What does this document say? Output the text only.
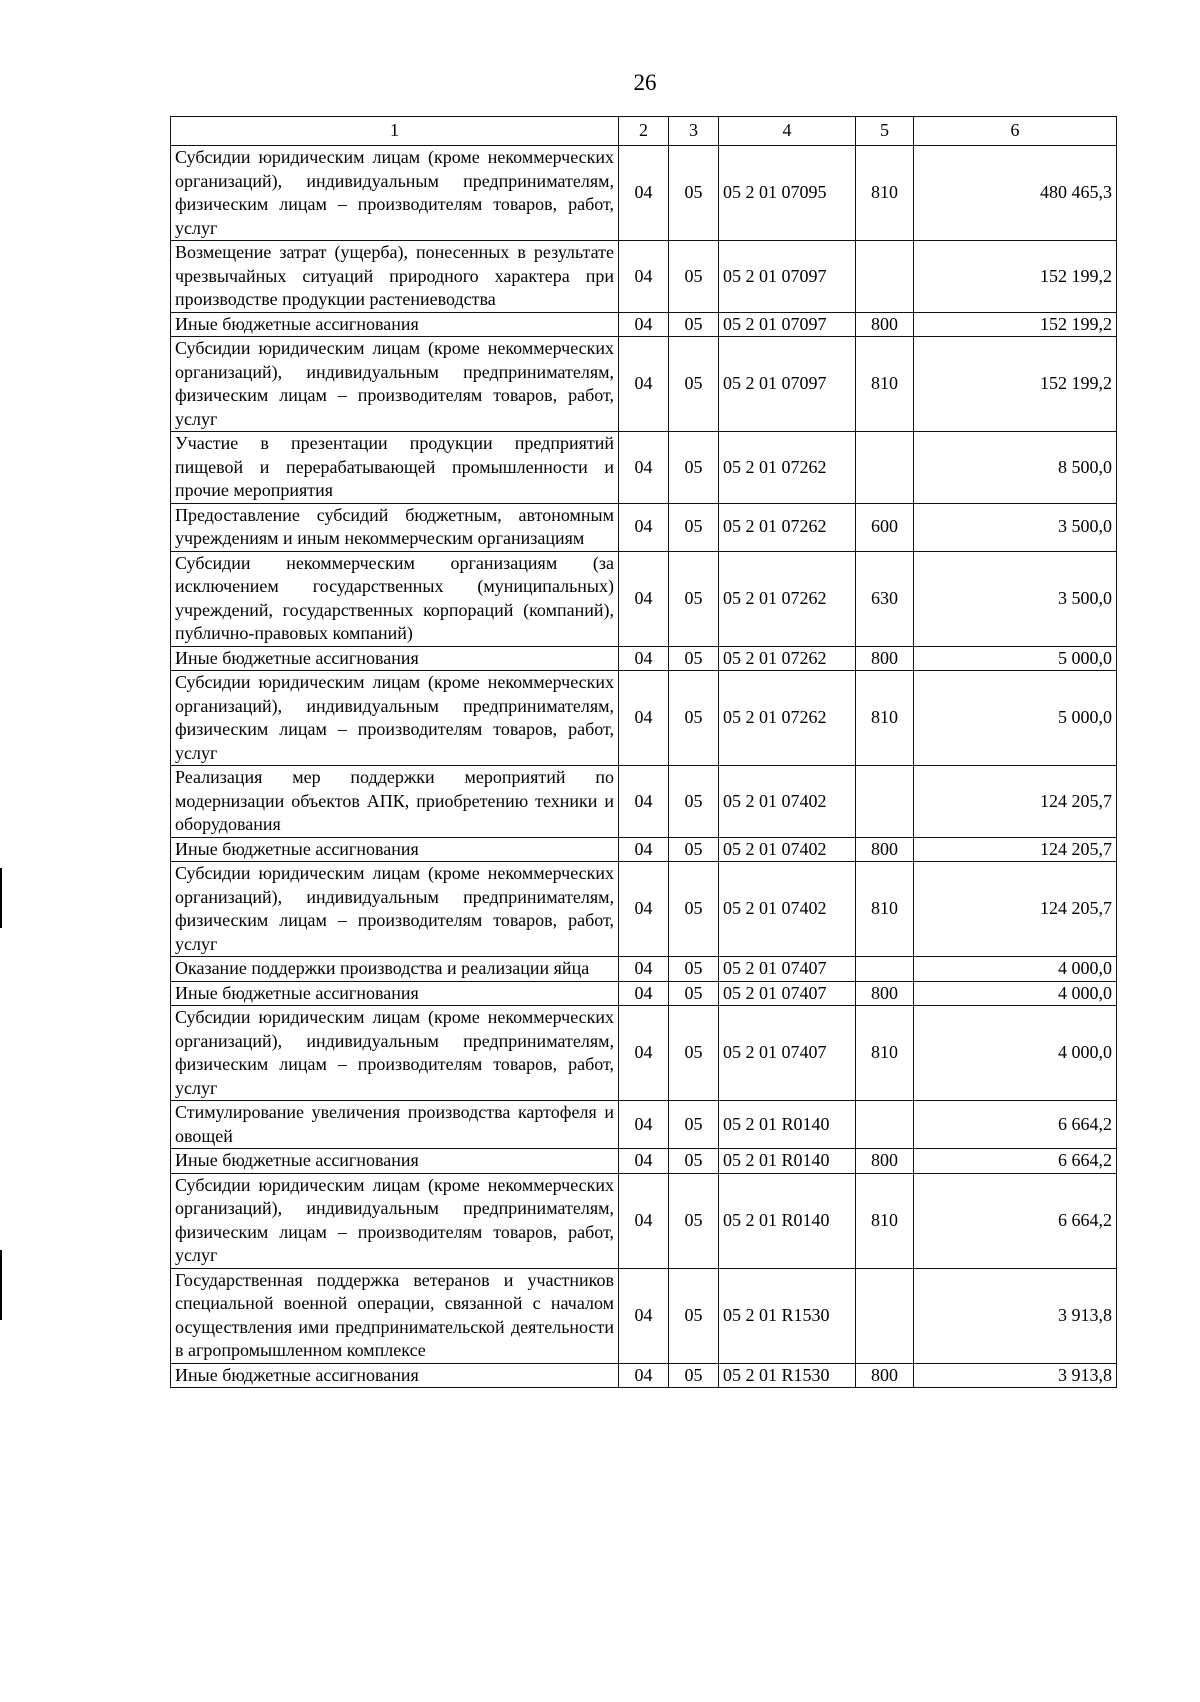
26
1	2	3	4	5	6
Субсидии юридическим лицам (кроме некоммерческих организаций), индивидуальным предпринимателям, физическим лицам – производителям товаров, работ, услуг	04	05	05 2 01 07095	810	480 465,3
Возмещение затрат (ущерба), понесенных в результате чрезвычайных ситуаций природного характера при производстве продукции растениеводства	04	05	05 2 01 07097		152 199,2
Иные бюджетные ассигнования	04	05	05 2 01 07097	800	152 199,2
Субсидии юридическим лицам (кроме некоммерческих организаций), индивидуальным предпринимателям, физическим лицам – производителям товаров, работ, услуг	04	05	05 2 01 07097	810	152 199,2
Участие в презентации продукции предприятий пищевой и перерабатывающей промышленности и прочие мероприятия	04	05	05 2 01 07262		8 500,0
Предоставление субсидий бюджетным, автономным учреждениям и иным некоммерческим организациям	04	05	05 2 01 07262	600	3 500,0
Субсидии некоммерческим организациям (за исключением государственных (муниципальных) учреждений, государственных корпораций (компаний), публично-правовых компаний)	04	05	05 2 01 07262	630	3 500,0
Иные бюджетные ассигнования	04	05	05 2 01 07262	800	5 000,0
Субсидии юридическим лицам (кроме некоммерческих организаций), индивидуальным предпринимателям, физическим лицам – производителям товаров, работ, услуг	04	05	05 2 01 07262	810	5 000,0
Реализация мер поддержки мероприятий по модернизации объектов АПК, приобретению техники и оборудования	04	05	05 2 01 07402		124 205,7
Иные бюджетные ассигнования	04	05	05 2 01 07402	800	124 205,7
Субсидии юридическим лицам (кроме некоммерческих организаций), индивидуальным предпринимателям, физическим лицам – производителям товаров, работ, услуг	04	05	05 2 01 07402	810	124 205,7
Оказание поддержки производства и реализации яйца	04	05	05 2 01 07407		4 000,0
Иные бюджетные ассигнования	04	05	05 2 01 07407	800	4 000,0
Субсидии юридическим лицам (кроме некоммерческих организаций), индивидуальным предпринимателям, физическим лицам – производителям товаров, работ, услуг	04	05	05 2 01 07407	810	4 000,0
Стимулирование увеличения производства картофеля и овощей	04	05	05 2 01 R0140		6 664,2
Иные бюджетные ассигнования	04	05	05 2 01 R0140	800	6 664,2
Субсидии юридическим лицам (кроме некоммерческих организаций), индивидуальным предпринимателям, физическим лицам – производителям товаров, работ, услуг	04	05	05 2 01 R0140	810	6 664,2
Государственная поддержка ветеранов и участников специальной военной операции, связанной с началом осуществления ими предпринимательской деятельности в агропромышленном комплексе	04	05	05 2 01 R1530		3 913,8
Иные бюджетные ассигнования	04	05	05 2 01 R1530	800	3 913,8
